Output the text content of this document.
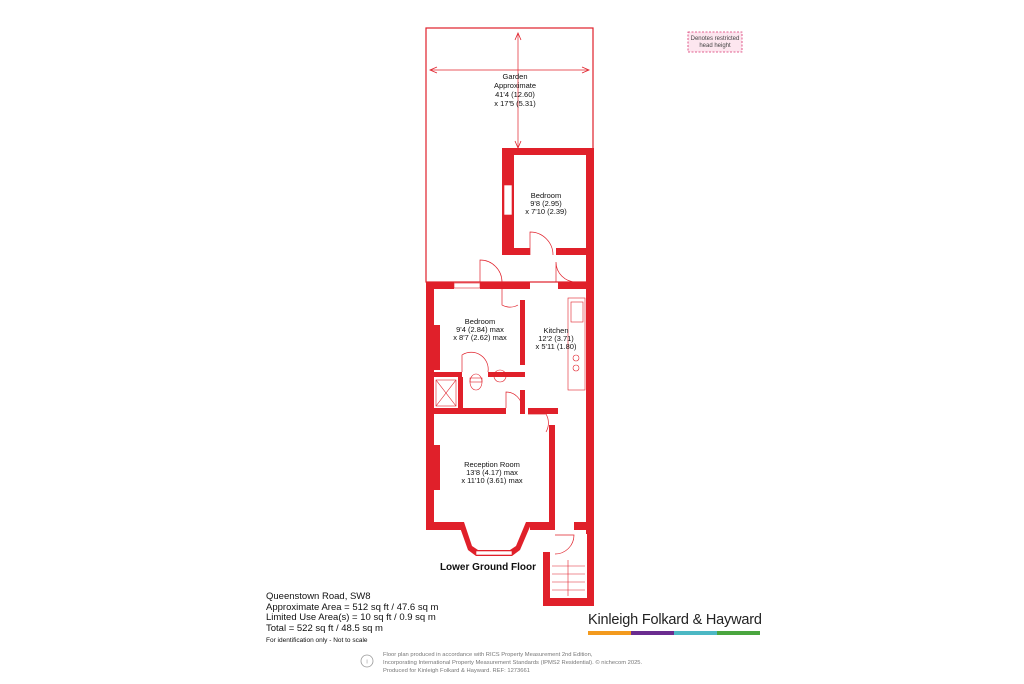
Denotes restricted
head height
Garden
Approximate
41'4 (12.60)
x 17'5 (5.31)
Bedroom
9'8 (2.95)
x 7'10 (2.39)
Bedroom
9'4 (2.84) max
x 8'7 (2.62) max
Kitchen
12'2 (3.71)
x 5'11 (1.80)
Reception Room
13'8 (4.17) max
x 11'10 (3.61) max
Lower Ground Floor
Queenstown Road, SW8
Approximate Area = 512 sq ft / 47.6 sq m
Limited Use Area(s) = 10 sq ft / 0.9 sq m
Total = 522 sq ft / 48.5 sq m
For identification only - Not to scale
Kinleigh Folkard & Hayward
i
Floor plan produced in accordance with RICS Property Measurement 2nd Edition,
Incorporating International Property Measurement Standards (IPMS2 Residential). © nichecom 2025.
Produced for Kinleigh Folkard & Hayward. REF: 1273661
